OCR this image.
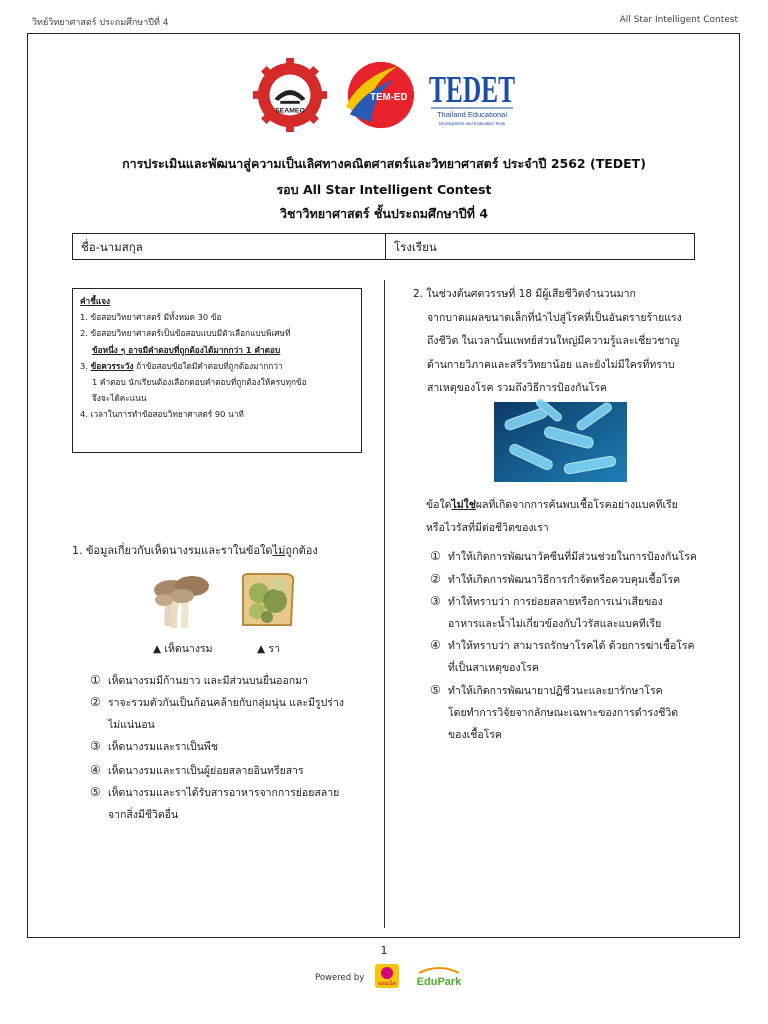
วิทย์วิทยาศาสตร์ ประถมศึกษาปีที่ 4	All Star Intelligent Contest
SEAMEO
TEM-ED TEDET
Thailand Educational
Development and Evaluation Tests
การประเมินและพัฒนาสู่ความเป็นเลิศทางคณิตศาสตร์และวิทยาศาสตร์ ประจำปี 2562 (TEDET)
รอบ All Star Intelligent Contest
วิชาวิทยาศาสตร์ ชั้นประถมศึกษาปีที่ 4
ชื่อ-นามสกุล	โรงเรียน
คำชี้แจง
1. ข้อสอบวิทยาศาสตร์ มีทั้งหมด 30 ข้อ
2. ข้อสอบวิทยาศาสตร์เป็นข้อสอบแบบมีตัวเลือกแบบพิเศษที่
ข้อหนึ่ง ๆ อาจมีคำตอบที่ถูกต้องได้มากกว่า 1 คำตอบ
3. ข้อควรระวัง ถ้าข้อสอบข้อใดมีคำตอบที่ถูกต้องมากกว่า
1 คำตอบ นักเรียนต้องเลือกตอบคำตอบที่ถูกต้องให้ครบทุกข้อ
จึงจะได้คะแนน
4. เวลาในการทำข้อสอบวิทยาศาสตร์ 90 นาที
1. ข้อมูลเกี่ยวกับเห็ดนางรมและราในข้อใดไม่ถูกต้อง
▲ เห็ดนางรม	▲ รา
① เห็ดนางรมมีก้านยาว และมีส่วนบนยื่นออกมา
② ราจะรวมตัวกันเป็นก้อนคล้ายกับกลุ่มนุ่น และมีรูปร่าง
ไม่แน่นอน
③ เห็ดนางรมและราเป็นพืช
④ เห็ดนางรมและราเป็นผู้ย่อยสลายอินทรียสาร
⑤ เห็ดนางรมและราได้รับสารอาหารจากการย่อยสลาย
จากสิ่งมีชีวิตอื่น
2. ในช่วงต้นศตวรรษที่ 18 มีผู้เสียชีวิตจำนวนมาก
จากบาดแผลขนาดเล็กที่นำไปสู่โรคที่เป็นอันตรายร้ายแรง
ถึงชีวิต ในเวลานั้นแพทย์ส่วนใหญ่มีความรู้และเชี่ยวชาญ
ด้านกายวิภาคและสรีรวิทยาน้อย และยังไม่มีใครที่ทราบ
สาเหตุของโรค รวมถึงวิธีการป้องกันโรค
ข้อใดไม่ใช่ผลที่เกิดจากการค้นพบเชื้อโรคอย่างแบคทีเรีย
หรือไวรัสที่มีต่อชีวิตของเรา
① ทำให้เกิดการพัฒนาวัคซีนที่มีส่วนช่วยในการป้องกันโรค
② ทำให้เกิดการพัฒนาวิธีการกำจัดหรือควบคุมเชื้อโรค
③ ทำให้ทราบว่า การย่อยสลายหรือการเน่าเสียของ
อาหารและน้ำไม่เกี่ยวข้องกับไวรัสและแบคทีเรีย
④ ทำให้ทราบว่า สามารถรักษาโรคได้ ด้วยการฆ่าเชื้อโรค
ที่เป็นสาเหตุของโรค
⑤ ทำให้เกิดการพัฒนายาปฏิชีวนะและยารักษาโรค
โดยทำการวิจัยจากลักษณะเฉพาะของการดำรงชีวิต
ของเชื้อโรค
1
Powered by
ออนเน็ต EduPark
